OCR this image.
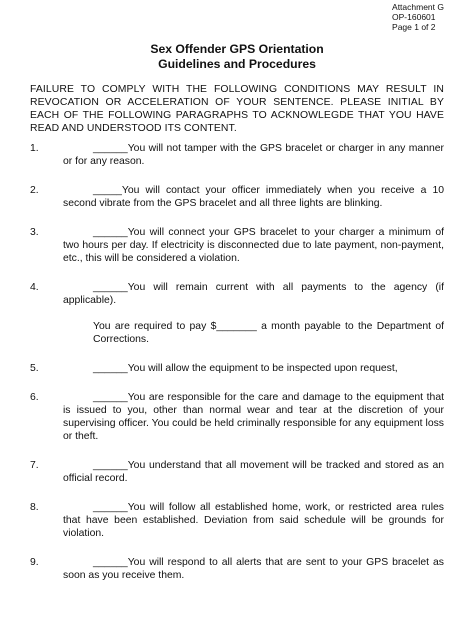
Attachment G
OP-160601
Page 1 of 2
Sex Offender GPS Orientation
Guidelines and Procedures
FAILURE TO COMPLY WITH THE FOLLOWING CONDITIONS MAY RESULT IN REVOCATION OR ACCELERATION OF YOUR SENTENCE. PLEASE INITIAL BY EACH OF THE FOLLOWING PARAGRAPHS TO ACKNOWLEGDE THAT YOU HAVE READ AND UNDERSTOOD ITS CONTENT.
1.	______You will not tamper with the GPS bracelet or charger in any manner or for any reason.
2.	_____You will contact your officer immediately when you receive a 10 second vibrate from the GPS bracelet and all three lights are blinking.
3.	______You will connect your GPS bracelet to your charger a minimum of two hours per day. If electricity is disconnected due to late payment, non-payment, etc., this will be considered a violation.
4.	______You will remain current with all payments to the agency (if applicable).
You are required to pay $_______ a month payable to the Department of Corrections.
5.	______You will allow the equipment to be inspected upon request,
6.	______You are responsible for the care and damage to the equipment that is issued to you, other than normal wear and tear at the discretion of your supervising officer. You could be held criminally responsible for any equipment loss or theft.
7.	______You understand that all movement will be tracked and stored as an official record.
8.	______You will follow all established home, work, or restricted area rules that have been established. Deviation from said schedule will be grounds for violation.
9.	______You will respond to all alerts that are sent to your GPS bracelet as soon as you receive them.
